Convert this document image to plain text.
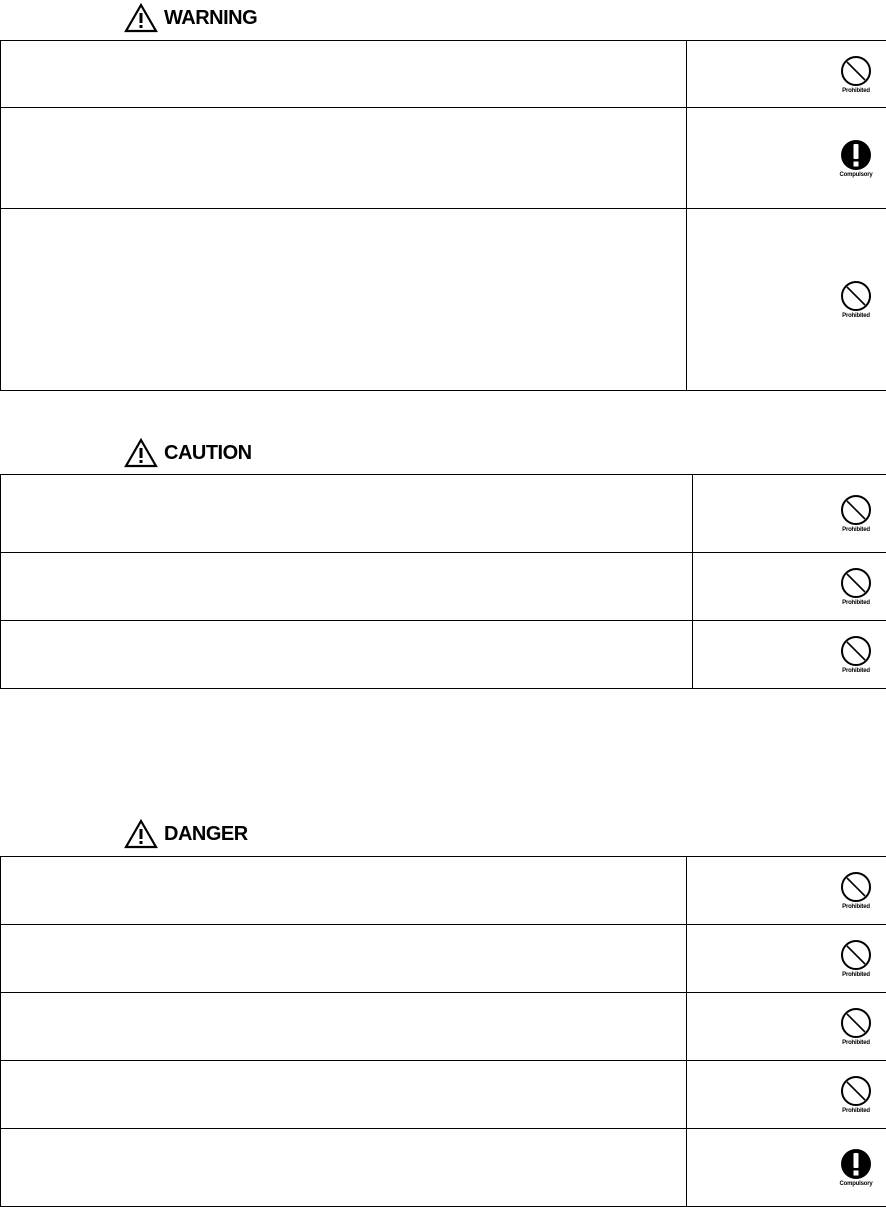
WARNING

	Prohibited

	Compulsory

	Prohibited
CAUTION

	Prohibited

	Prohibited

	Prohibited
DANGER

	Prohibited

	Prohibited

	Prohibited

	Prohibited

	Compulsory
